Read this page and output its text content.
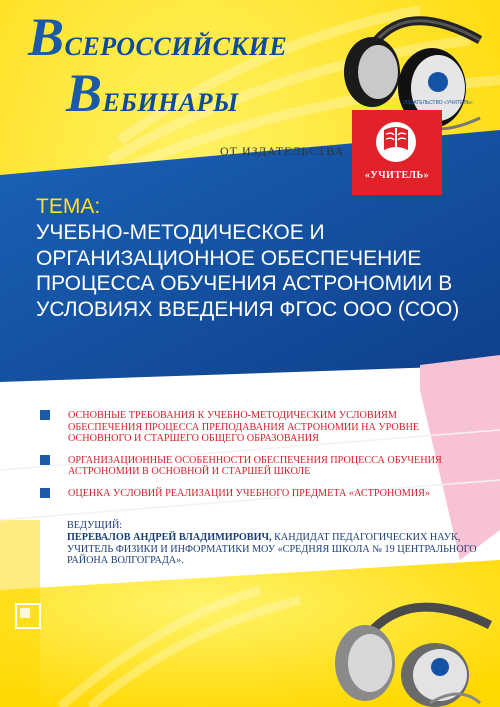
ИЗДАТЕЛЬСТВО «УЧИТЕЛЬ»
ВСЕРОССИЙСКИЕ
ВЕБИНАРЫ
ОТ ИЗДАТЕЛЬСТВА
«УЧИТЕЛЬ»
ТЕМА:
УЧЕБНО-МЕТОДИЧЕСКОЕ И ОРГАНИЗАЦИОННОЕ ОБЕСПЕЧЕНИЕ ПРОЦЕССА ОБУЧЕНИЯ АСТРОНОМИИ В УСЛОВИЯХ ВВЕДЕНИЯ ФГОС ООО (СОО)
ОСНОВНЫЕ ТРЕБОВАНИЯ К УЧЕБНО-МЕТОДИЧЕСКИМ УСЛОВИЯМ ОБЕСПЕЧЕНИЯ ПРОЦЕССА ПРЕПОДАВАНИЯ АСТРОНОМИИ НА УРОВНЕ ОСНОВНОГО И СТАРШЕГО ОБЩЕГО ОБРАЗОВАНИЯ
ОРГАНИЗАЦИОННЫЕ ОСОБЕННОСТИ ОБЕСПЕЧЕНИЯ ПРОЦЕССА ОБУЧЕНИЯ АСТРОНОМИИ В ОСНОВНОЙ И СТАРШЕЙ ШКОЛЕ
ОЦЕНКА УСЛОВИЙ РЕАЛИЗАЦИИ УЧЕБНОГО ПРЕДМЕТА «АСТРОНОМИЯ»
ВЕДУЩИЙ:
ПЕРЕВАЛОВ АНДРЕЙ ВЛАДИМИРОВИЧ, КАНДИДАТ ПЕДАГОГИЧЕСКИХ НАУК, УЧИТЕЛЬ ФИЗИКИ И ИНФОРМАТИКИ МОУ «СРЕДНЯЯ ШКОЛА № 19 ЦЕНТРАЛЬНОГО РАЙОНА ВОЛГОГРАДА».
